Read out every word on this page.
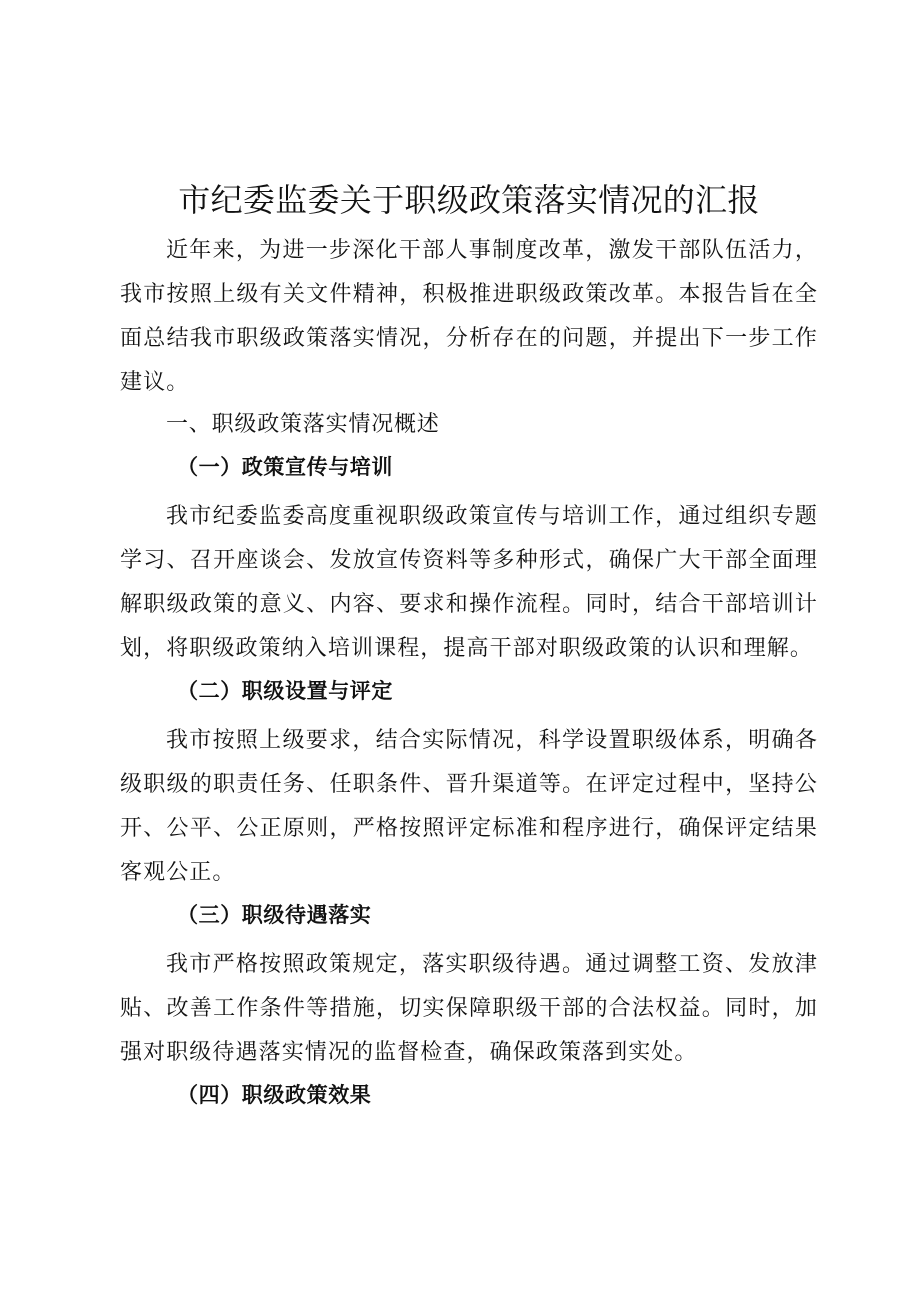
市纪委监委关于职级政策落实情况的汇报

近年来，为进一步深化干部人事制度改革，激发干部队伍活力，我市按照上级有关文件精神，积极推进职级政策改革。本报告旨在全面总结我市职级政策落实情况，分析存在的问题，并提出下一步工作建议。

一、职级政策落实情况概述
（一）政策宣传与培训

我市纪委监委高度重视职级政策宣传与培训工作，通过组织专题学习、召开座谈会、发放宣传资料等多种形式，确保广大干部全面理解职级政策的意义、内容、要求和操作流程。同时，结合干部培训计划，将职级政策纳入培训课程，提高干部对职级政策的认识和理解。

（二）职级设置与评定

我市按照上级要求，结合实际情况，科学设置职级体系，明确各级职级的职责任务、任职条件、晋升渠道等。在评定过程中，坚持公开、公平、公正原则，严格按照评定标准和程序进行，确保评定结果客观公正。

（三）职级待遇落实

我市严格按照政策规定，落实职级待遇。通过调整工资、发放津贴、改善工作条件等措施，切实保障职级干部的合法权益。同时，加强对职级待遇落实情况的监督检查，确保政策落到实处。

（四）职级政策效果
